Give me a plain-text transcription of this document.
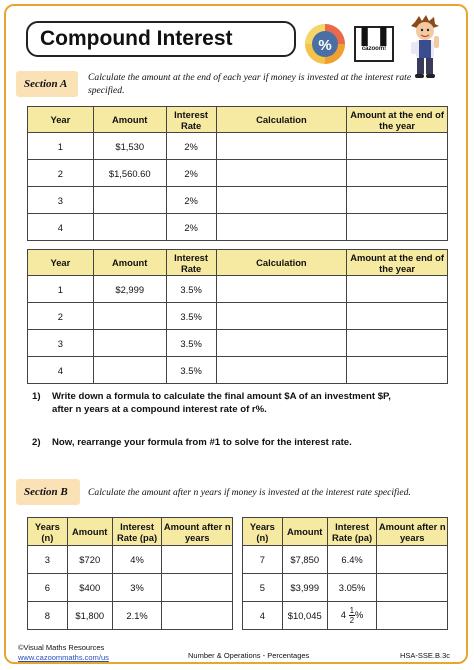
Compound Interest	%	▌▐
cazoom!
Section A
Calculate the amount at the end of each year if money is invested at the interest rate specified.
Year	Amount	Interest Rate	Calculation	Amount at the end of the year
1	$1,530	2%		
2	$1,560.60	2%		
3		2%		
4		2%		
Year	Amount	Interest Rate	Calculation	Amount at the end of the year
1	$2,999	3.5%		
2		3.5%		
3		3.5%		
4		3.5%		
1) Write down a formula to calculate the final amount $A of an investment $P, after n years at a compound interest rate of r%.
2) Now, rearrange your formula from #1 to solve for the interest rate.
Section B	Calculate the amount after n years if money is invested at the interest rate specified.
Years (n)	Amount	Interest Rate (pa)	Amount after n years
3	$720	4%	
6	$400	3%	
8	$1,800	2.1%	
Years (n)	Amount	Interest Rate (pa)	Amount after n years
7	$7,850	6.4%	
5	$3,999	3.05%	
4	$10,045	$4 \frac{1}{2}$ %	
©Visual Maths Resources
www.cazoommaths.com/us	Number & Operations - Percentages	HSA-SSE.B.3c
